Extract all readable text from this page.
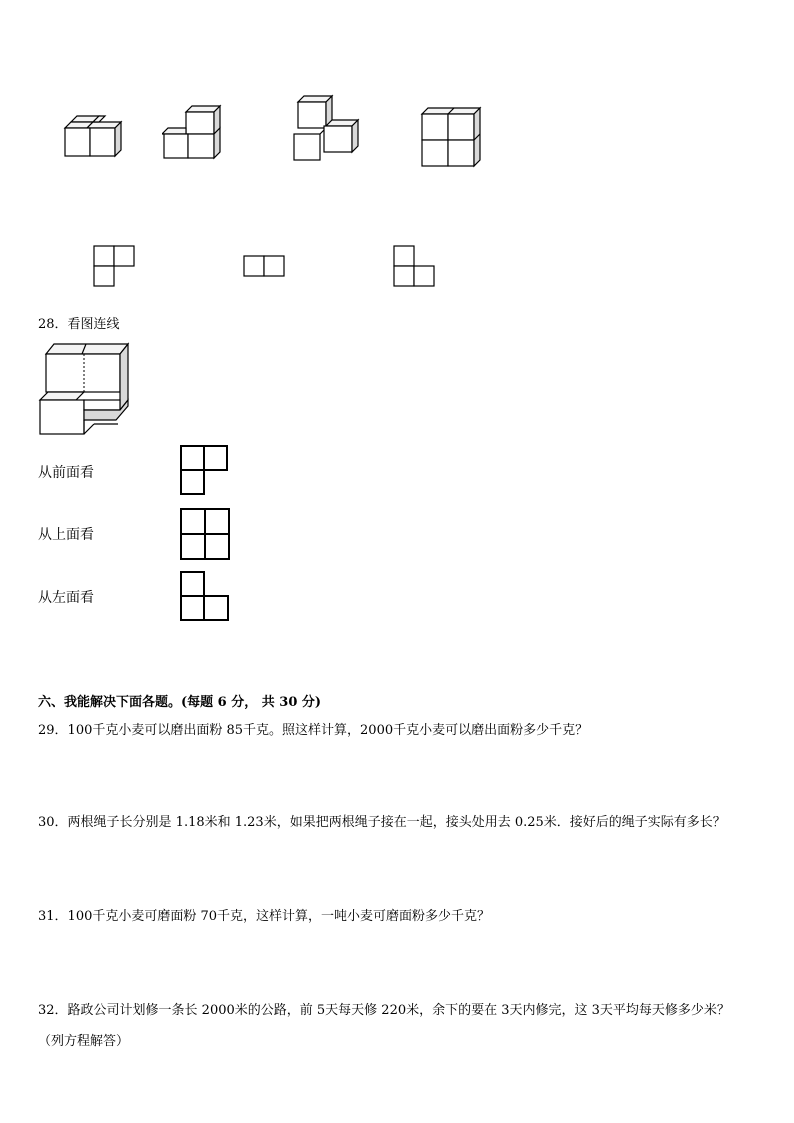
28．看图连线
从前面看
从上面看
从左面看
六、我能解决下面各题。(每题 6 分， 共 30 分)
29．100千克小麦可以磨出面粉 85千克。照这样计算，2000千克小麦可以磨出面粉多少千克？
30．两根绳子长分别是 1.18米和 1.23米，如果把两根绳子接在一起，接头处用去 0.25米．接好后的绳子实际有多长？
31．100千克小麦可磨面粉 70千克，这样计算，一吨小麦可磨面粉多少千克？
32．路政公司计划修一条长 2000米的公路，前 5天每天修 220米，余下的要在 3天内修完，这 3天平均每天修多少米？
（列方程解答）
